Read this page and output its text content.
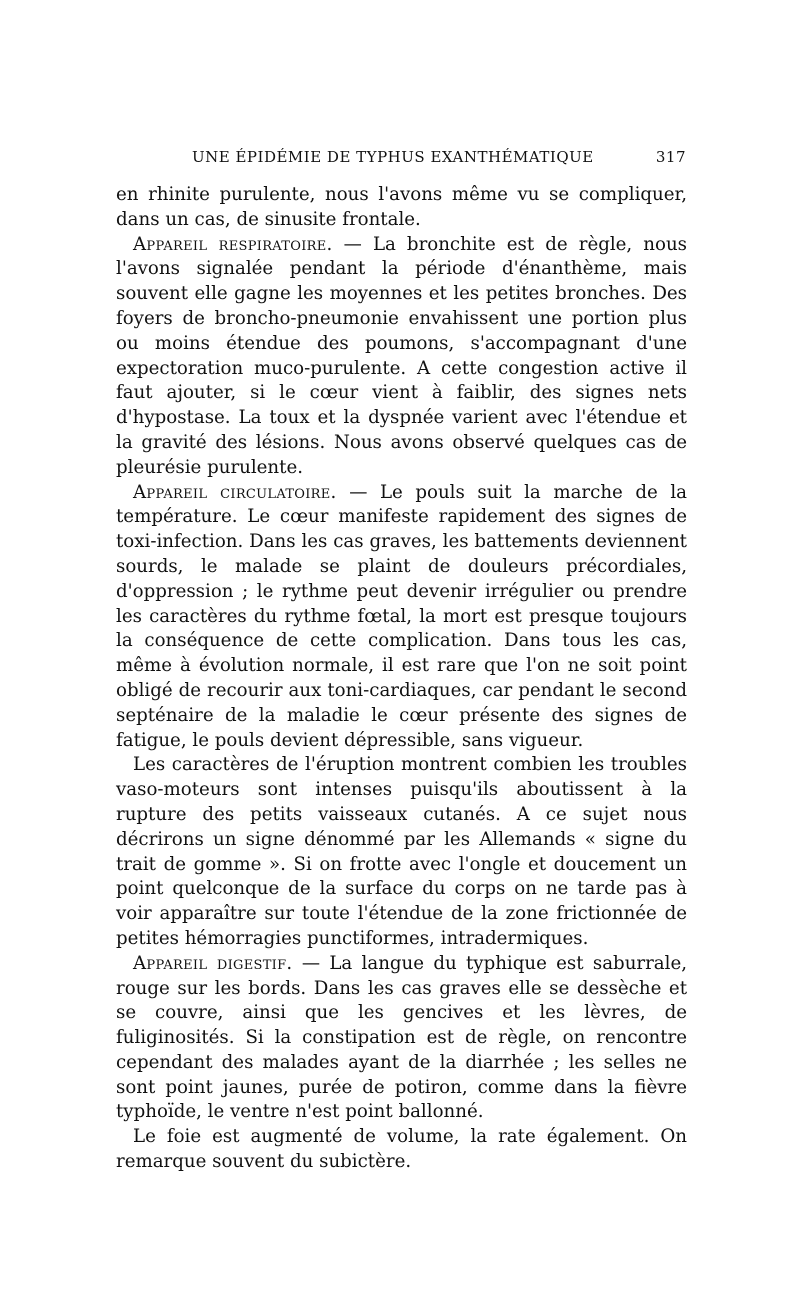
UNE ÉPIDÉMIE DE TYPHUS EXANTHÉMATIQUE	317

en rhinite purulente, nous l'avons même vu se compliquer, dans un cas, de sinusite frontale.

Appareil respiratoire. — La bronchite est de règle, nous l'avons signalée pendant la période d'énanthème, mais souvent elle gagne les moyennes et les petites bronches. Des foyers de broncho-pneumonie envahissent une portion plus ou moins étendue des poumons, s'accompagnant d'une expectoration muco-purulente. A cette congestion active il faut ajouter, si le cœur vient à faiblir, des signes nets d'hypostase. La toux et la dyspnée varient avec l'étendue et la gravité des lésions. Nous avons observé quelques cas de pleurésie purulente.

Appareil circulatoire. — Le pouls suit la marche de la température. Le cœur manifeste rapidement des signes de toxi-infection. Dans les cas graves, les battements deviennent sourds, le malade se plaint de douleurs précordiales, d'oppression ; le rythme peut devenir irrégulier ou prendre les caractères du rythme fœtal, la mort est presque toujours la conséquence de cette complication. Dans tous les cas, même à évolution normale, il est rare que l'on ne soit point obligé de recourir aux toni-cardiaques, car pendant le second septénaire de la maladie le cœur présente des signes de fatigue, le pouls devient dépressible, sans vigueur.

Les caractères de l'éruption montrent combien les troubles vaso-moteurs sont intenses puisqu'ils aboutissent à la rupture des petits vaisseaux cutanés. A ce sujet nous décrirons un signe dénommé par les Allemands « signe du trait de gomme ». Si on frotte avec l'ongle et doucement un point quelconque de la surface du corps on ne tarde pas à voir apparaître sur toute l'étendue de la zone frictionnée de petites hémorragies punctiformes, intradermiques.

Appareil digestif. — La langue du typhique est saburrale, rouge sur les bords. Dans les cas graves elle se dessèche et se couvre, ainsi que les gencives et les lèvres, de fuliginosités. Si la constipation est de règle, on rencontre cependant des malades ayant de la diarrhée ; les selles ne sont point jaunes, purée de potiron, comme dans la fièvre typhoïde, le ventre n'est point ballonné.

Le foie est augmenté de volume, la rate également. On remarque souvent du subictère.
